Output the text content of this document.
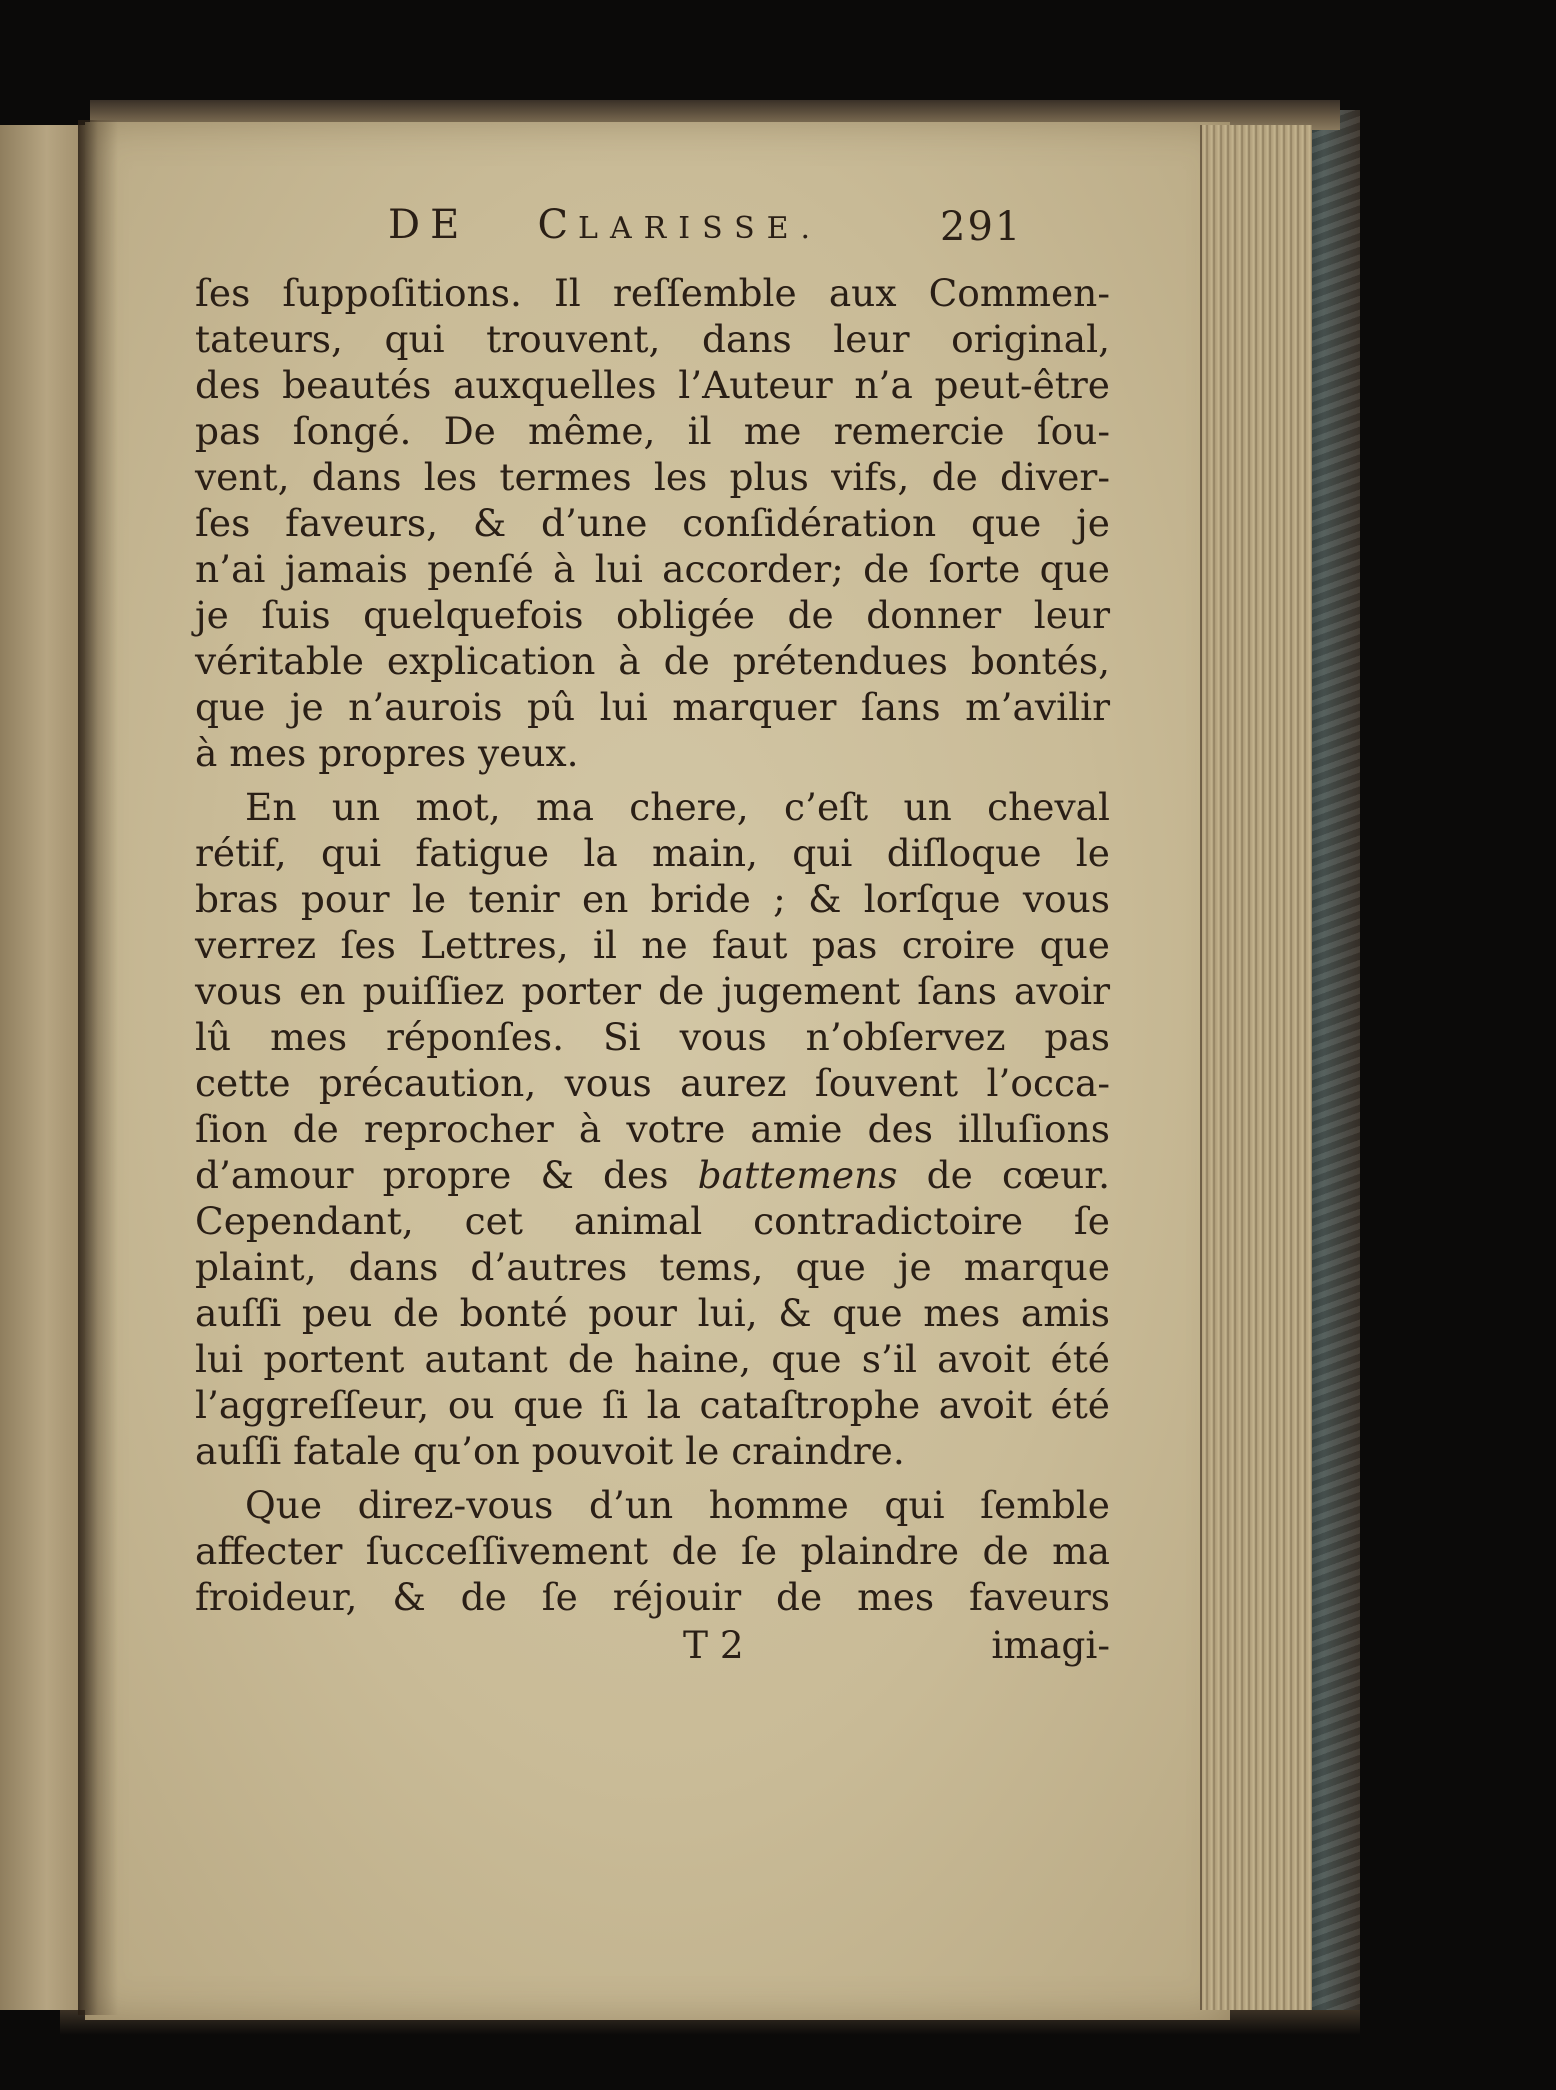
DE CLARISSE.	291
ſes ſuppoſitions. Il reſſemble aux Commen-
tateurs, qui trouvent, dans leur original,
des beautés auxquelles l’Auteur n’a peut-être
pas ſongé. De même, il me remercie ſou-
vent, dans les termes les plus vifs, de diver-
ſes faveurs, & d’une conſidération que je
n’ai jamais penſé à lui accorder; de ſorte que
je ſuis quelquefois obligée de donner leur
véritable explication à de prétendues bontés,
que je n’aurois pû lui marquer ſans m’avilir
à mes propres yeux.
En un mot, ma chere, c’eſt un cheval
rétif, qui fatigue la main, qui diſloque le
bras pour le tenir en bride ; & lorſque vous
verrez ſes Lettres, il ne faut pas croire que
vous en puiſſiez porter de jugement ſans avoir
lû mes réponſes. Si vous n’obſervez pas
cette précaution, vous aurez ſouvent l’occa-
ſion de reprocher à votre amie des illuſions
d’amour propre & des battemens de cœur.
Cependant, cet animal contradictoire ſe
plaint, dans d’autres tems, que je marque
auſſi peu de bonté pour lui, & que mes amis
lui portent autant de haine, que s’il avoit été
l’aggreſſeur, ou que ſi la cataſtrophe avoit été
auſſi fatale qu’on pouvoit le craindre.
Que direz-vous d’un homme qui ſemble
affecter ſucceſſivement de ſe plaindre de ma
froideur, & de ſe réjouir de mes faveurs
T 2	imagi-
